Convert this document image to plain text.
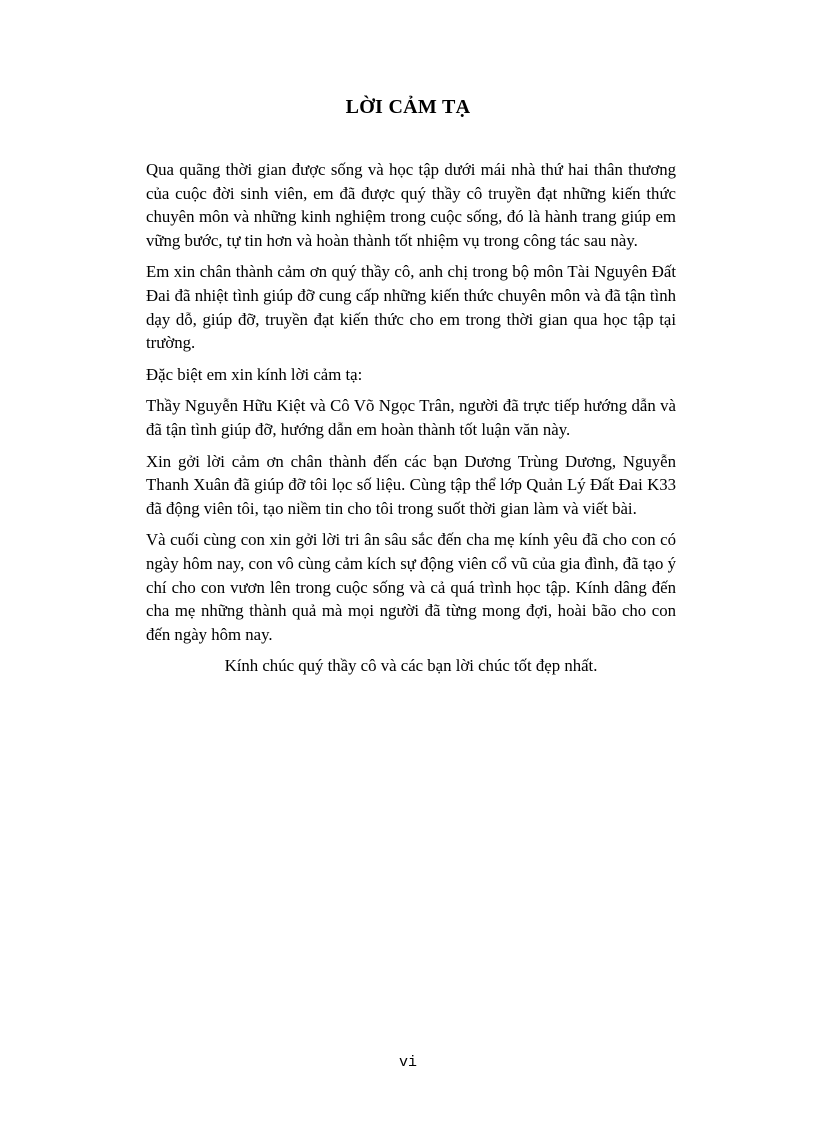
LỜI CẢM TẠ

Qua quãng thời gian được sống và học tập dưới mái nhà thứ hai thân thương của cuộc đời sinh viên, em đã được quý thầy cô truyền đạt những kiến thức chuyên môn và những kinh nghiệm trong cuộc sống, đó là hành trang giúp em vững bước, tự tin hơn và hoàn thành tốt nhiệm vụ trong công tác sau này.

Em xin chân thành cảm ơn quý thầy cô, anh chị trong bộ môn Tài Nguyên Đất Đai đã nhiệt tình giúp đỡ cung cấp những kiến thức chuyên môn và đã tận tình dạy dỗ, giúp đỡ, truyền đạt kiến thức cho em trong thời gian qua học tập tại trường.

Đặc biệt em xin kính lời cảm tạ:

Thầy Nguyễn Hữu Kiệt và Cô Võ Ngọc Trân, người đã trực tiếp hướng dẫn và đã tận tình giúp đỡ, hướng dẫn em hoàn thành tốt luận văn này.

Xin gởi lời cảm ơn chân thành đến các bạn Dương Trùng Dương, Nguyễn Thanh Xuân đã giúp đỡ tôi lọc số liệu. Cùng tập thể lớp Quản Lý Đất Đai K33 đã động viên tôi, tạo niềm tin cho tôi trong suốt thời gian làm và viết bài.

Và cuối cùng con xin gởi lời tri ân sâu sắc đến cha mẹ kính yêu đã cho con có ngày hôm nay, con vô cùng cảm kích sự động viên cổ vũ của gia đình, đã tạo ý chí cho con vươn lên trong cuộc sống và cả quá trình học tập. Kính dâng đến cha mẹ những thành quả mà mọi người đã từng mong đợi, hoài bão cho con đến ngày hôm nay.

Kính chúc quý thầy cô và các bạn lời chúc tốt đẹp nhất.

vi
